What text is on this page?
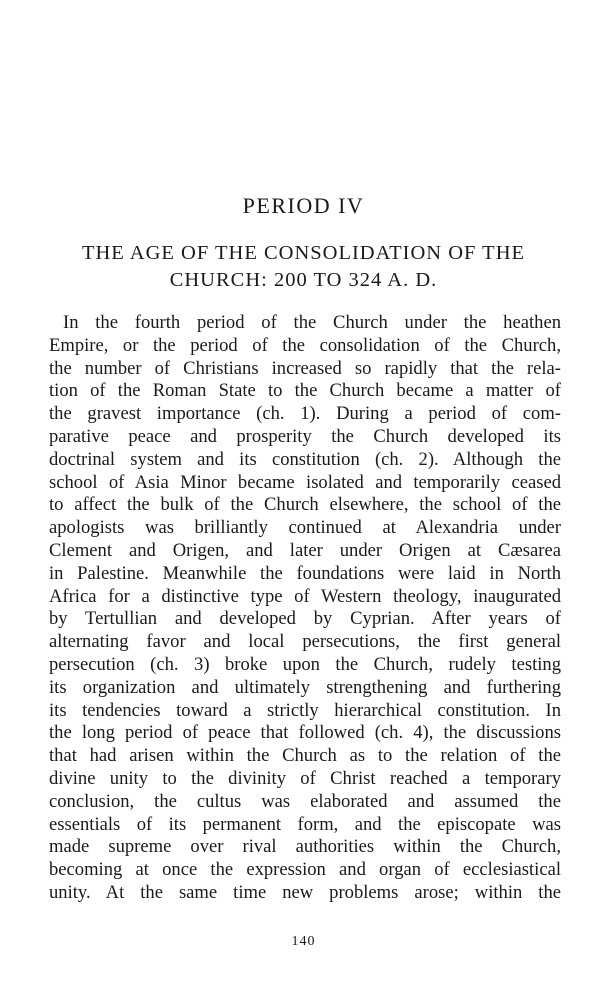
PERIOD IV
THE AGE OF THE CONSOLIDATION OF THE
CHURCH: 200 TO 324 A. D.

In the fourth period of the Church under the heathen
Empire, or the period of the consolidation of the Church,
the number of Christians increased so rapidly that the rela-
tion of the Roman State to the Church became a matter of
the gravest importance (ch. 1). During a period of com-
parative peace and prosperity the Church developed its
doctrinal system and its constitution (ch. 2). Although the
school of Asia Minor became isolated and temporarily ceased
to affect the bulk of the Church elsewhere, the school of the
apologists was brilliantly continued at Alexandria under
Clement and Origen, and later under Origen at Cæsarea
in Palestine. Meanwhile the foundations were laid in North
Africa for a distinctive type of Western theology, inaugurated
by Tertullian and developed by Cyprian. After years of
alternating favor and local persecutions, the first general
persecution (ch. 3) broke upon the Church, rudely testing
its organization and ultimately strengthening and furthering
its tendencies toward a strictly hierarchical constitution. In
the long period of peace that followed (ch. 4), the discussions
that had arisen within the Church as to the relation of the
divine unity to the divinity of Christ reached a temporary
conclusion, the cultus was elaborated and assumed the
essentials of its permanent form, and the episcopate was
made supreme over rival authorities within the Church,
becoming at once the expression and organ of ecclesiastical
unity. At the same time new problems arose; within the

140
